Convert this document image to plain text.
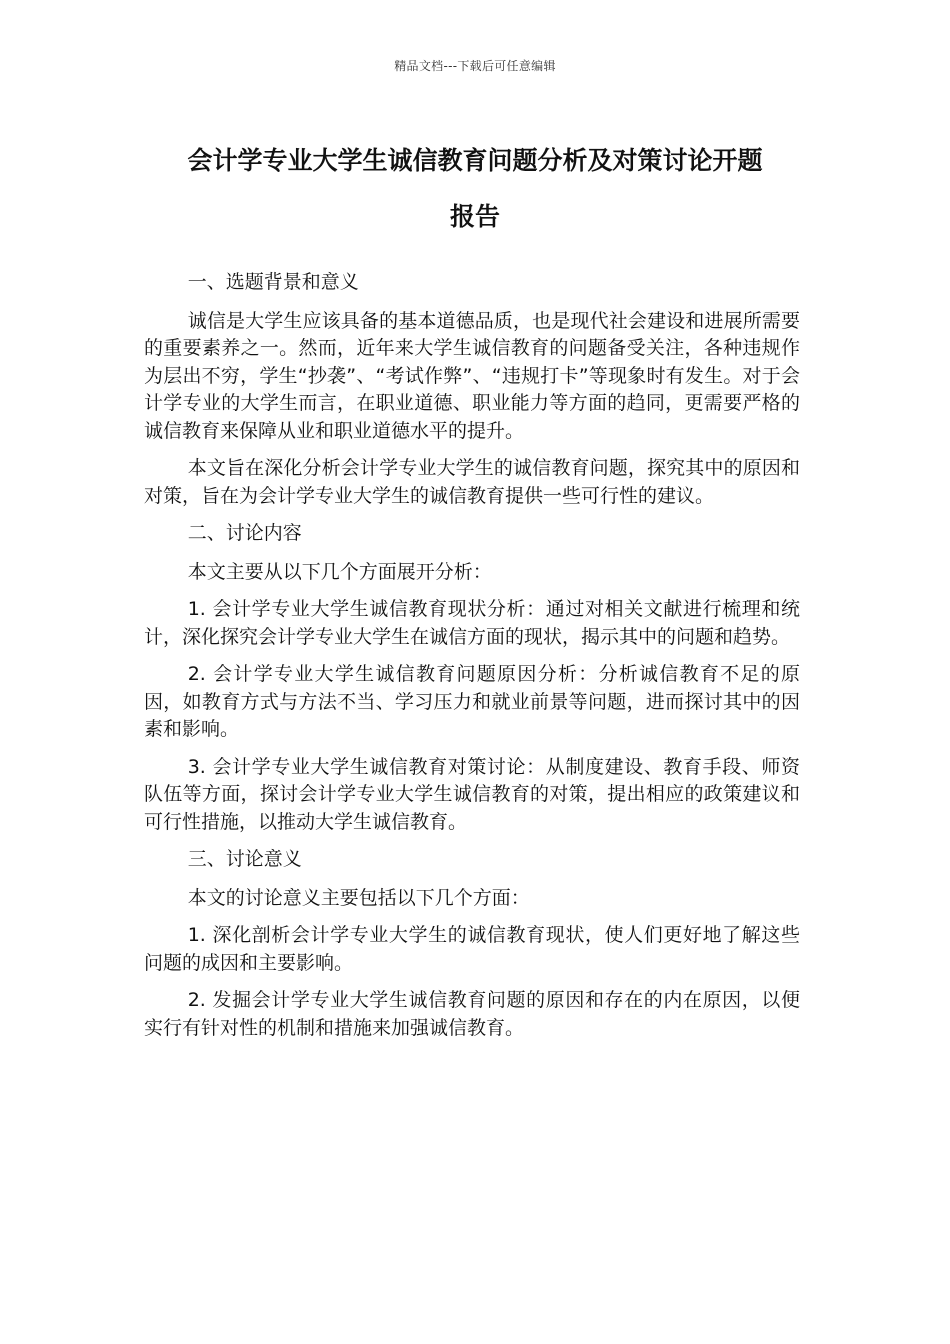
精品文档---下载后可任意编辑
会计学专业大学生诚信教育问题分析及对策讨论开题
报告

一、选题背景和意义

诚信是大学生应该具备的基本道德品质，也是现代社会建设和进展所需要的重要素养之一。然而，近年来大学生诚信教育的问题备受关注，各种违规作为层出不穷，学生“抄袭”、“考试作弊”、“违规打卡”等现象时有发生。对于会计学专业的大学生而言，在职业道德、职业能力等方面的趋同，更需要严格的诚信教育来保障从业和职业道德水平的提升。

本文旨在深化分析会计学专业大学生的诚信教育问题，探究其中的原因和对策，旨在为会计学专业大学生的诚信教育提供一些可行性的建议。

二、讨论内容

本文主要从以下几个方面展开分析：

1. 会计学专业大学生诚信教育现状分析：通过对相关文献进行梳理和统计，深化探究会计学专业大学生在诚信方面的现状，揭示其中的问题和趋势。

2. 会计学专业大学生诚信教育问题原因分析：分析诚信教育不足的原因，如教育方式与方法不当、学习压力和就业前景等问题，进而探讨其中的因素和影响。

3. 会计学专业大学生诚信教育对策讨论：从制度建设、教育手段、师资队伍等方面，探讨会计学专业大学生诚信教育的对策，提出相应的政策建议和可行性措施，以推动大学生诚信教育。

三、讨论意义

本文的讨论意义主要包括以下几个方面：

1. 深化剖析会计学专业大学生的诚信教育现状，使人们更好地了解这些问题的成因和主要影响。

2. 发掘会计学专业大学生诚信教育问题的原因和存在的内在原因，以便实行有针对性的机制和措施来加强诚信教育。
